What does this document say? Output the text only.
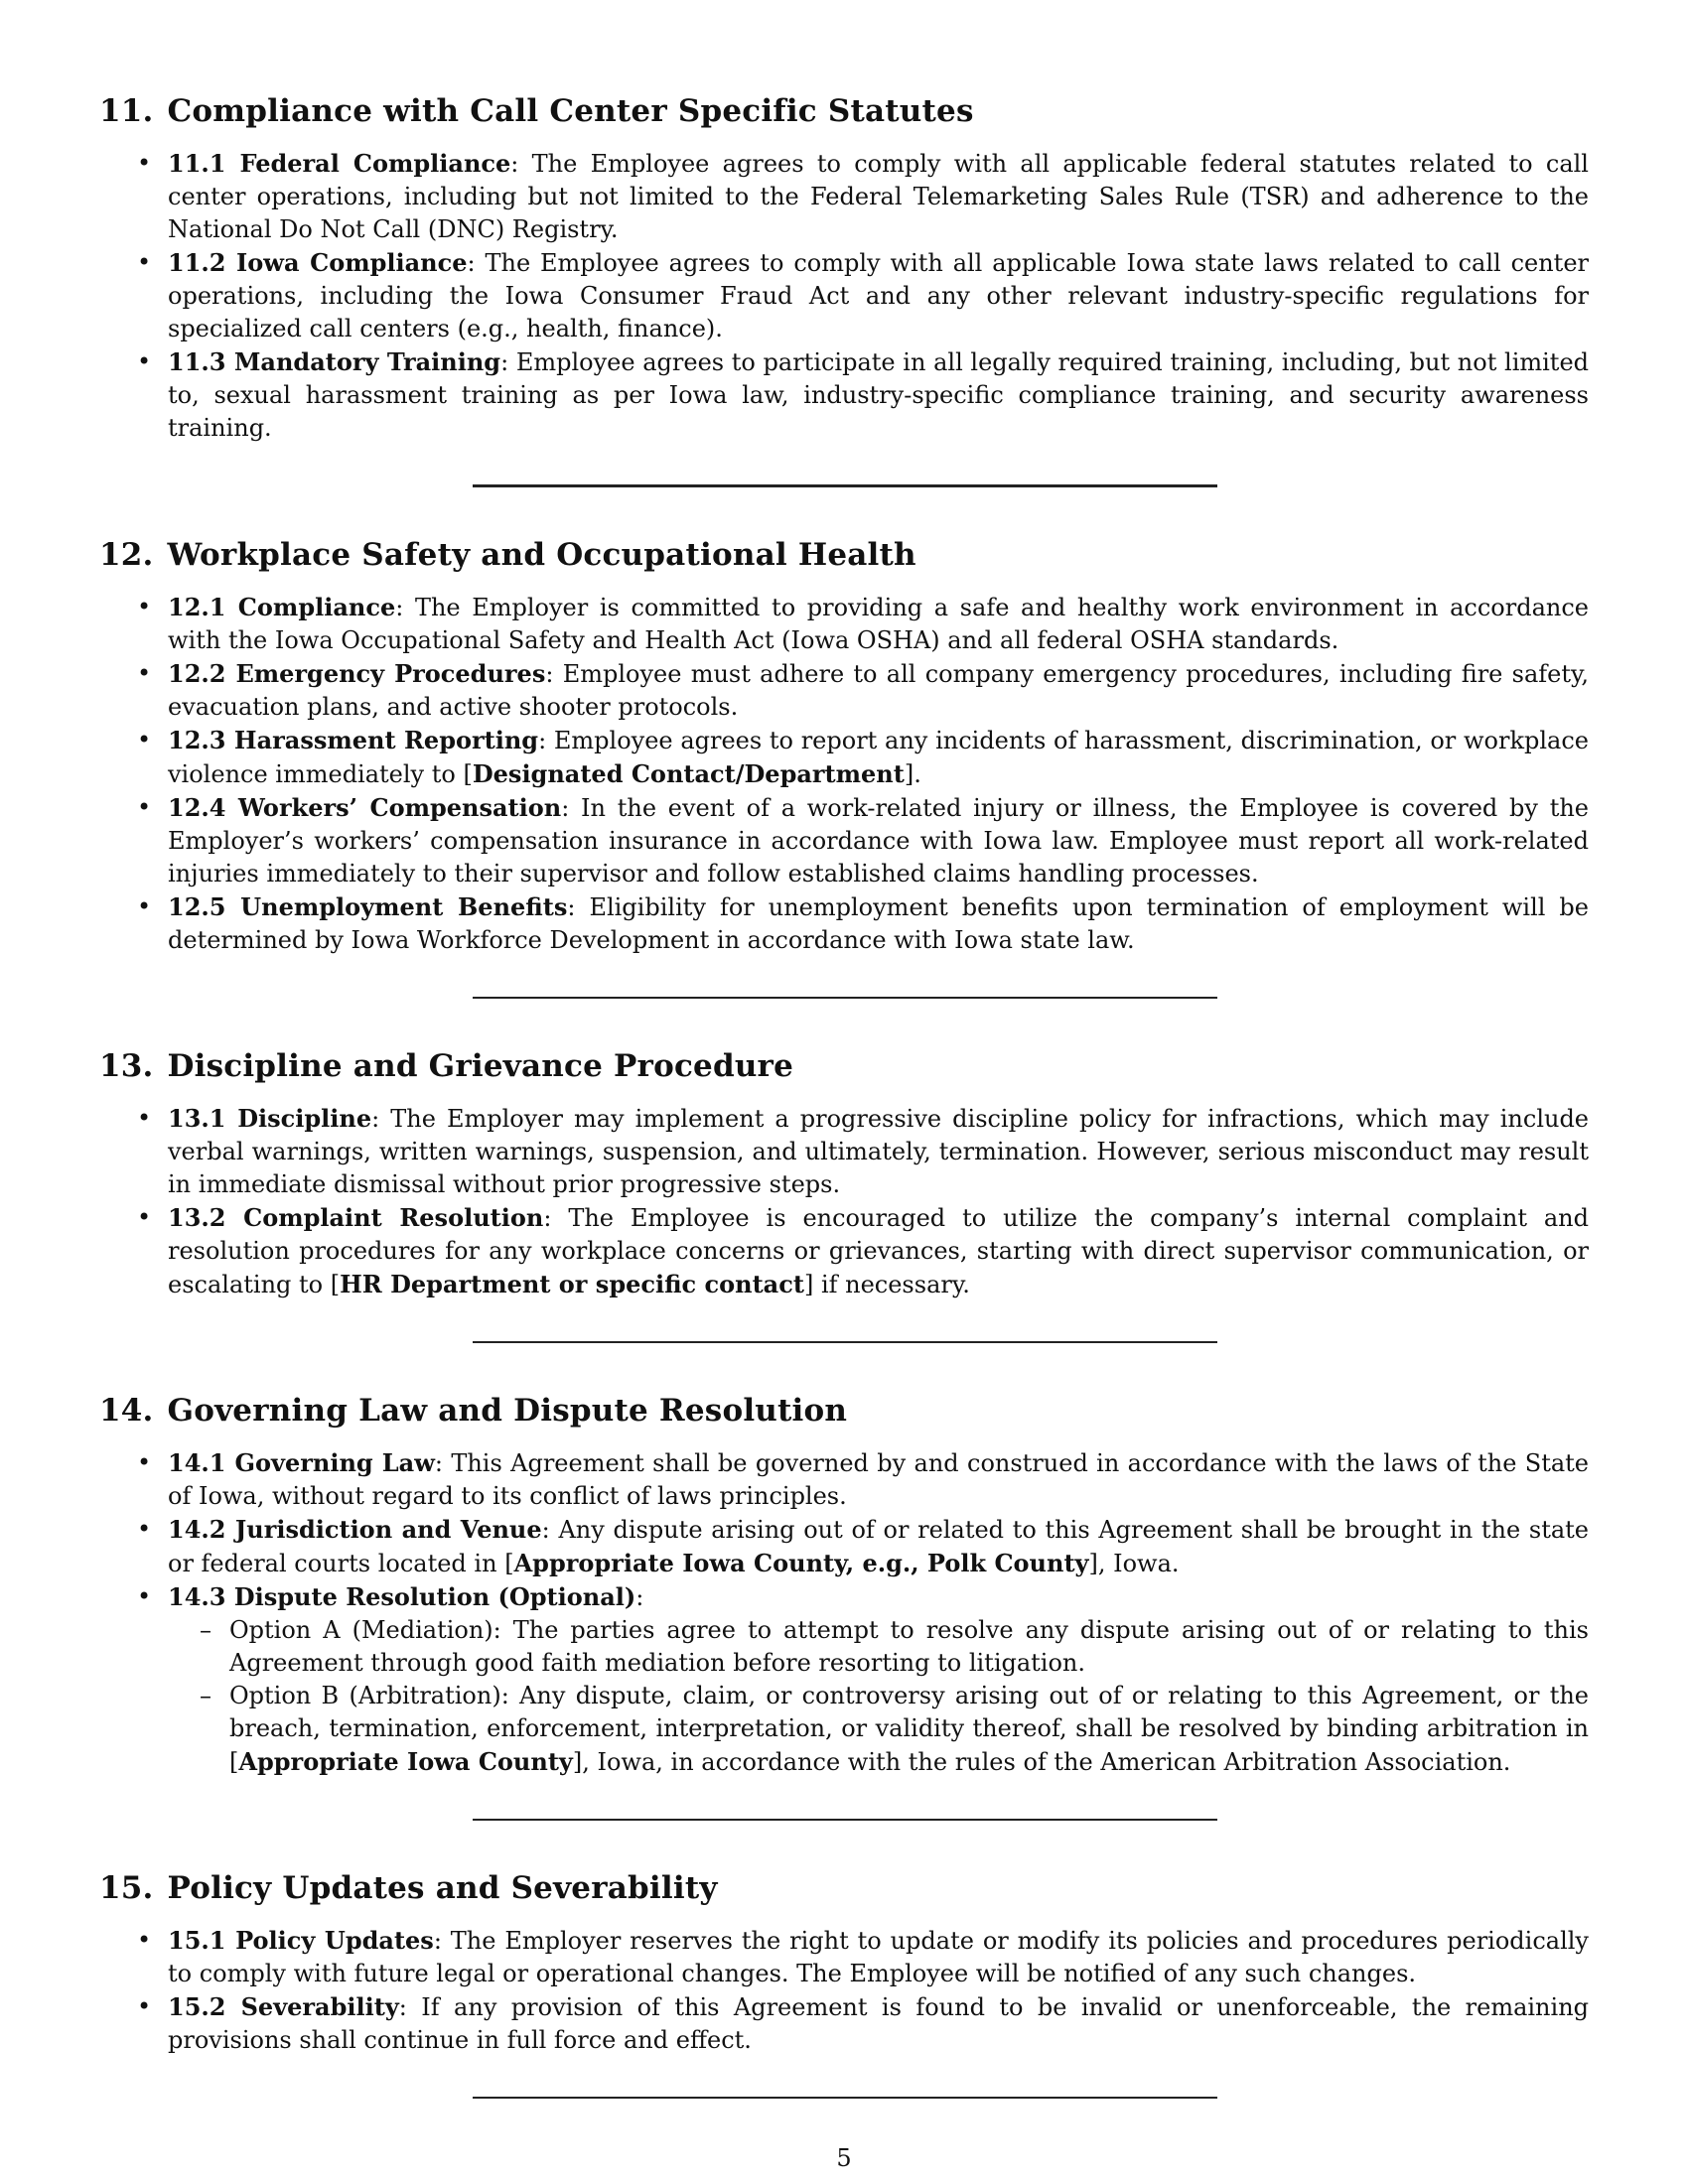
11. Compliance with Call Center Specific Statutes
• 11.1 Federal Compliance: The Employee agrees to comply with all applicable federal statutes related to call center operations, including but not limited to the Federal Telemarketing Sales Rule (TSR) and adherence to the National Do Not Call (DNC) Registry.
• 11.2 Iowa Compliance: The Employee agrees to comply with all applicable Iowa state laws related to call center operations, including the Iowa Consumer Fraud Act and any other relevant industry-specific regulations for specialized call centers (e.g., health, finance).
• 11.3 Mandatory Training: Employee agrees to participate in all legally required training, including, but not limited to, sexual harassment training as per Iowa law, industry-specific compliance training, and security awareness training.
12. Workplace Safety and Occupational Health
• 12.1 Compliance: The Employer is committed to providing a safe and healthy work environment in accordance with the Iowa Occupational Safety and Health Act (Iowa OSHA) and all federal OSHA standards.
• 12.2 Emergency Procedures: Employee must adhere to all company emergency procedures, including fire safety, evacuation plans, and active shooter protocols.
• 12.3 Harassment Reporting: Employee agrees to report any incidents of harassment, discrimination, or workplace violence immediately to [Designated Contact/Department].
• 12.4 Workers’ Compensation: In the event of a work-related injury or illness, the Employee is covered by the Employer’s workers’ compensation insurance in accordance with Iowa law. Employee must report all work-related injuries immediately to their supervisor and follow established claims handling processes.
• 12.5 Unemployment Benefits: Eligibility for unemployment benefits upon termination of employment will be determined by Iowa Workforce Development in accordance with Iowa state law.
13. Discipline and Grievance Procedure
• 13.1 Discipline: The Employer may implement a progressive discipline policy for infractions, which may include verbal warnings, written warnings, suspension, and ultimately, termination. However, serious misconduct may result in immediate dismissal without prior progressive steps.
• 13.2 Complaint Resolution: The Employee is encouraged to utilize the company’s internal complaint and resolution procedures for any workplace concerns or grievances, starting with direct supervisor communication, or escalating to [HR Department or specific contact] if necessary.
14. Governing Law and Dispute Resolution
• 14.1 Governing Law: This Agreement shall be governed by and construed in accordance with the laws of the State of Iowa, without regard to its conflict of laws principles.
• 14.2 Jurisdiction and Venue: Any dispute arising out of or related to this Agreement shall be brought in the state or federal courts located in [Appropriate Iowa County, e.g., Polk County], Iowa.
• 14.3 Dispute Resolution (Optional):
– Option A (Mediation): The parties agree to attempt to resolve any dispute arising out of or relating to this Agreement through good faith mediation before resorting to litigation.
– Option B (Arbitration): Any dispute, claim, or controversy arising out of or relating to this Agreement, or the breach, termination, enforcement, interpretation, or validity thereof, shall be resolved by binding arbitration in [Appropriate Iowa County], Iowa, in accordance with the rules of the American Arbitration Association.
15. Policy Updates and Severability
• 15.1 Policy Updates: The Employer reserves the right to update or modify its policies and procedures periodically to comply with future legal or operational changes. The Employee will be notified of any such changes.
• 15.2 Severability: If any provision of this Agreement is found to be invalid or unenforceable, the remaining provisions shall continue in full force and effect.
5
